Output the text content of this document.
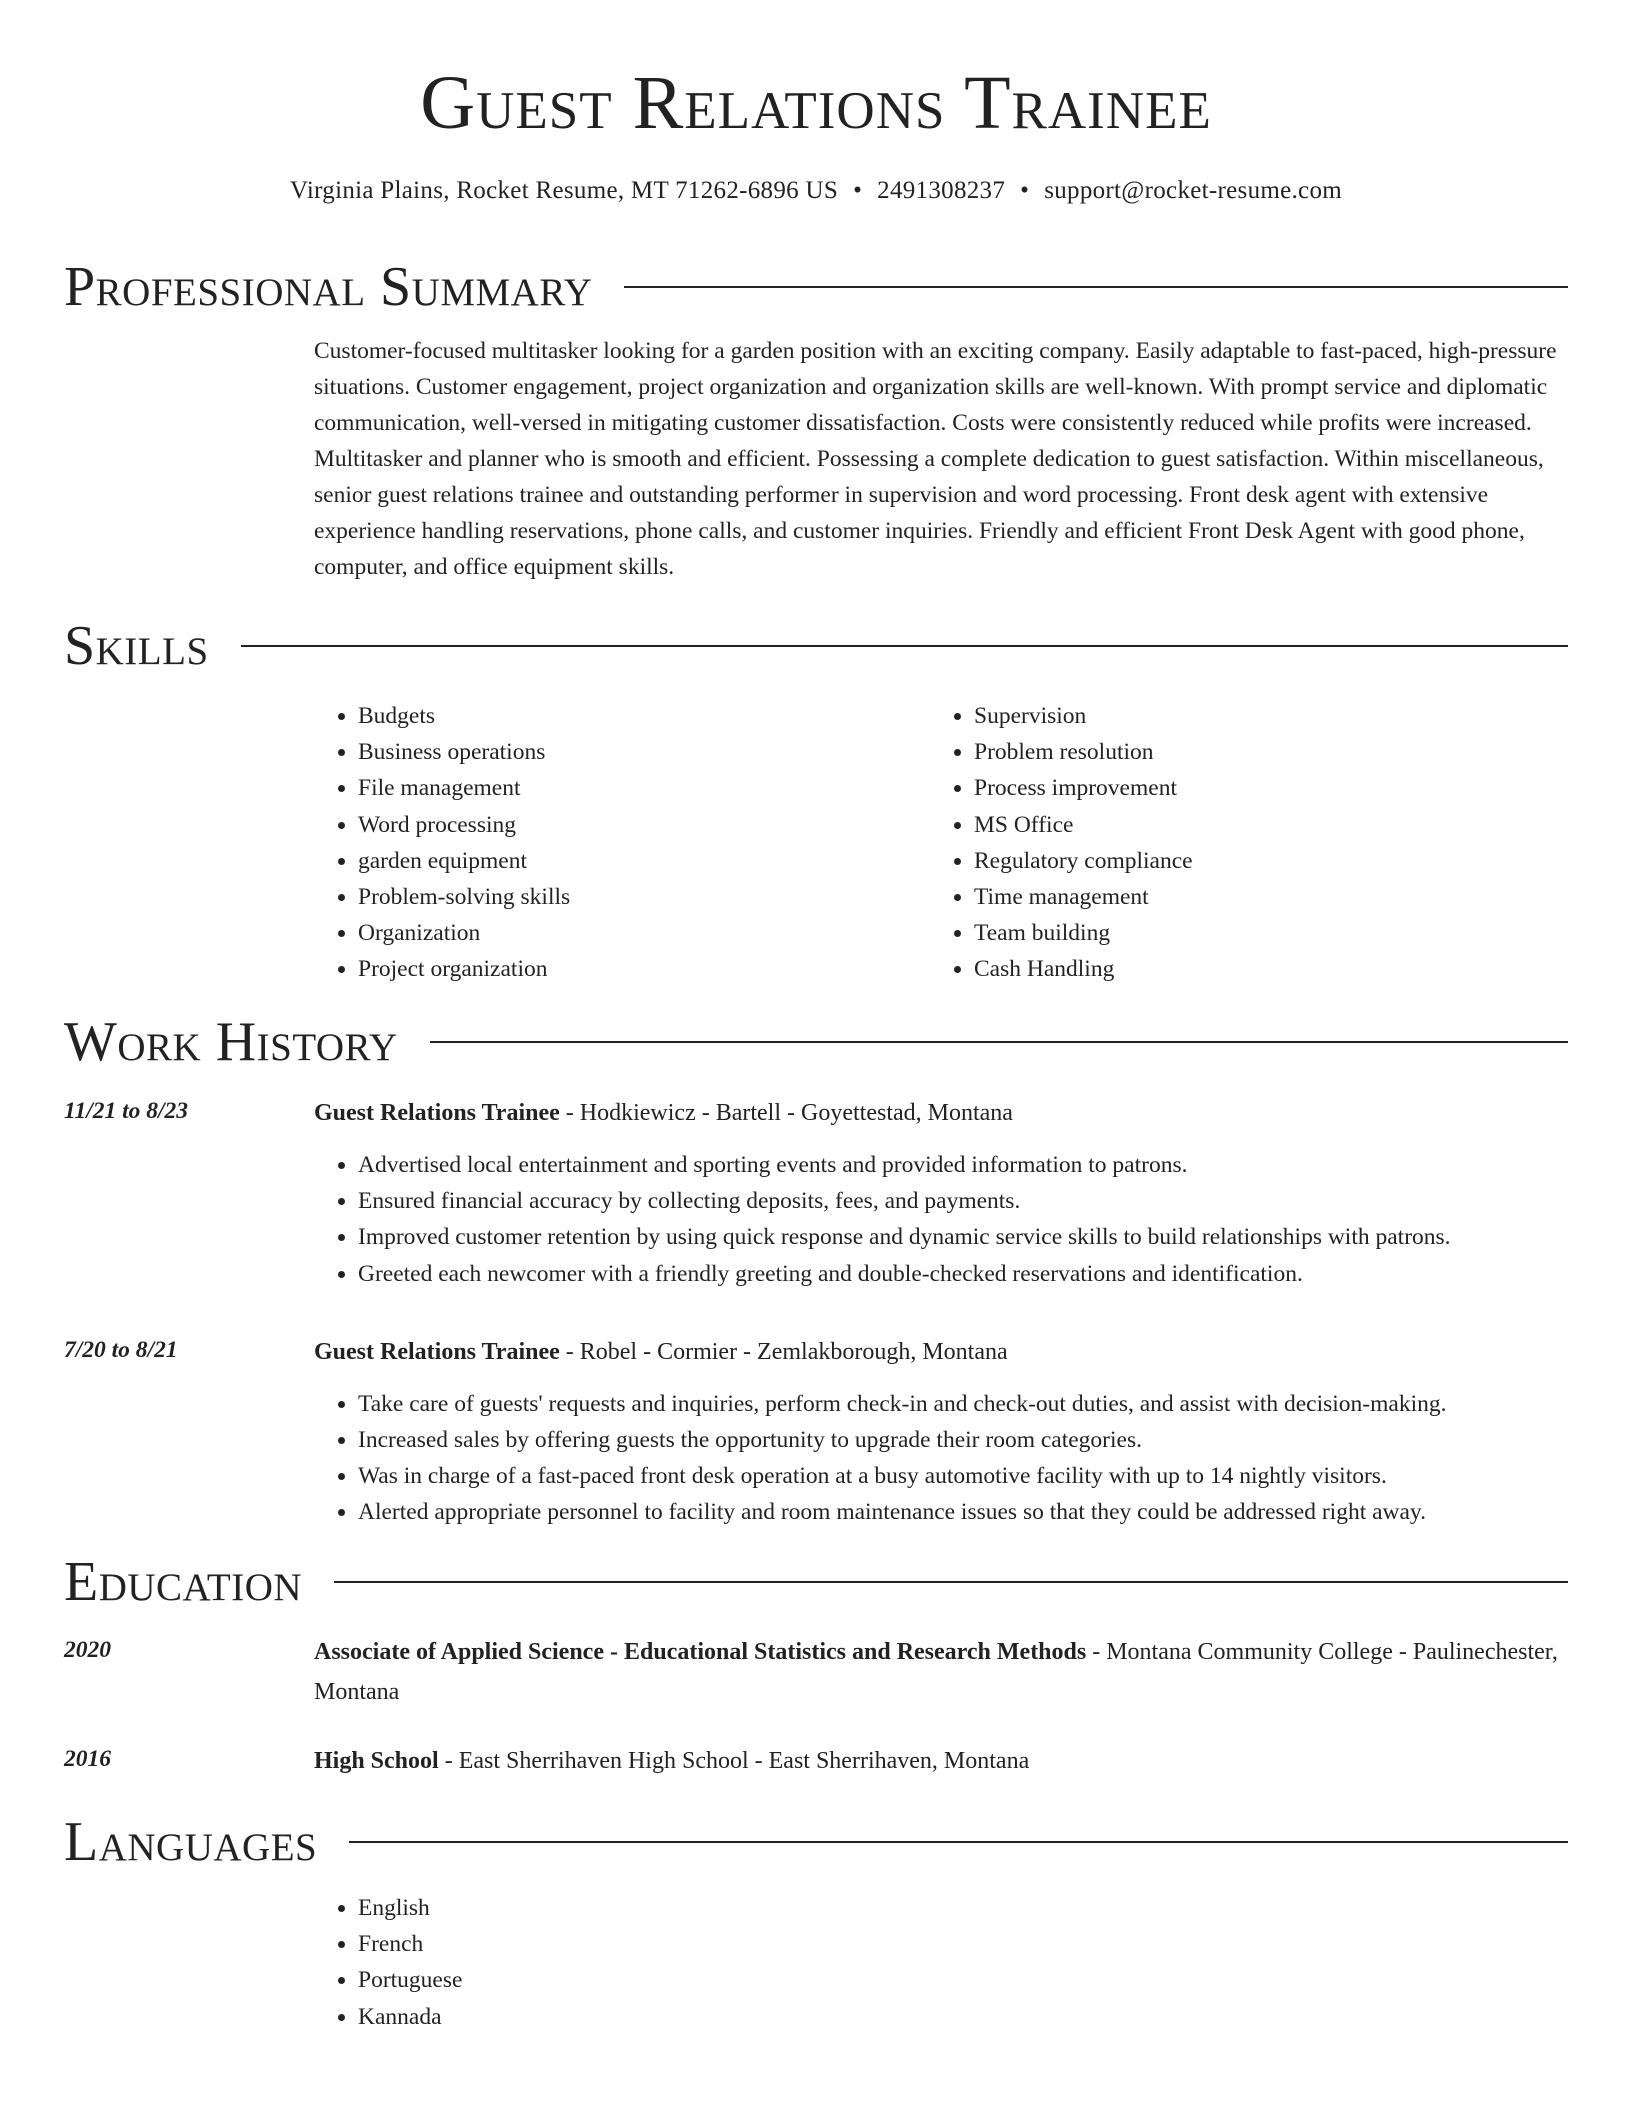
Guest Relations Trainee
Virginia Plains, Rocket Resume, MT 71262-6896 US • 2491308237 • support@rocket-resume.com
Professional Summary

Customer-focused multitasker looking for a garden position with an exciting company. Easily adaptable to fast-paced, high-pressure situations. Customer engagement, project organization and organization skills are well-known. With prompt service and diplomatic communication, well-versed in mitigating customer dissatisfaction. Costs were consistently reduced while profits were increased. Multitasker and planner who is smooth and efficient. Possessing a complete dedication to guest satisfaction. Within miscellaneous, senior guest relations trainee and outstanding performer in supervision and word processing. Front desk agent with extensive experience handling reservations, phone calls, and customer inquiries. Friendly and efficient Front Desk Agent with good phone, computer, and office equipment skills.

Skills
• Budgets
• Business operations
• File management
• Word processing
• garden equipment
• Problem-solving skills
• Organization
• Project organization
• Supervision
• Problem resolution
• Process improvement
• MS Office
• Regulatory compliance
• Time management
• Team building
• Cash Handling
Work History
11/21 to 8/23	Guest Relations Trainee - Hodkiewicz - Bartell - Goyettestad, Montana
• Advertised local entertainment and sporting events and provided information to patrons.
• Ensured financial accuracy by collecting deposits, fees, and payments.
• Improved customer retention by using quick response and dynamic service skills to build relationships with patrons.
• Greeted each newcomer with a friendly greeting and double-checked reservations and identification.
7/20 to 8/21	Guest Relations Trainee - Robel - Cormier - Zemlakborough, Montana
• Take care of guests' requests and inquiries, perform check-in and check-out duties, and assist with decision-making.
• Increased sales by offering guests the opportunity to upgrade their room categories.
• Was in charge of a fast-paced front desk operation at a busy automotive facility with up to 14 nightly visitors.
• Alerted appropriate personnel to facility and room maintenance issues so that they could be addressed right away.
Education
2020	Associate of Applied Science - Educational Statistics and Research Methods - Montana Community College - Paulinechester, Montana
2016	High School - East Sherrihaven High School - East Sherrihaven, Montana
Languages
• English
• French
• Portuguese
• Kannada
